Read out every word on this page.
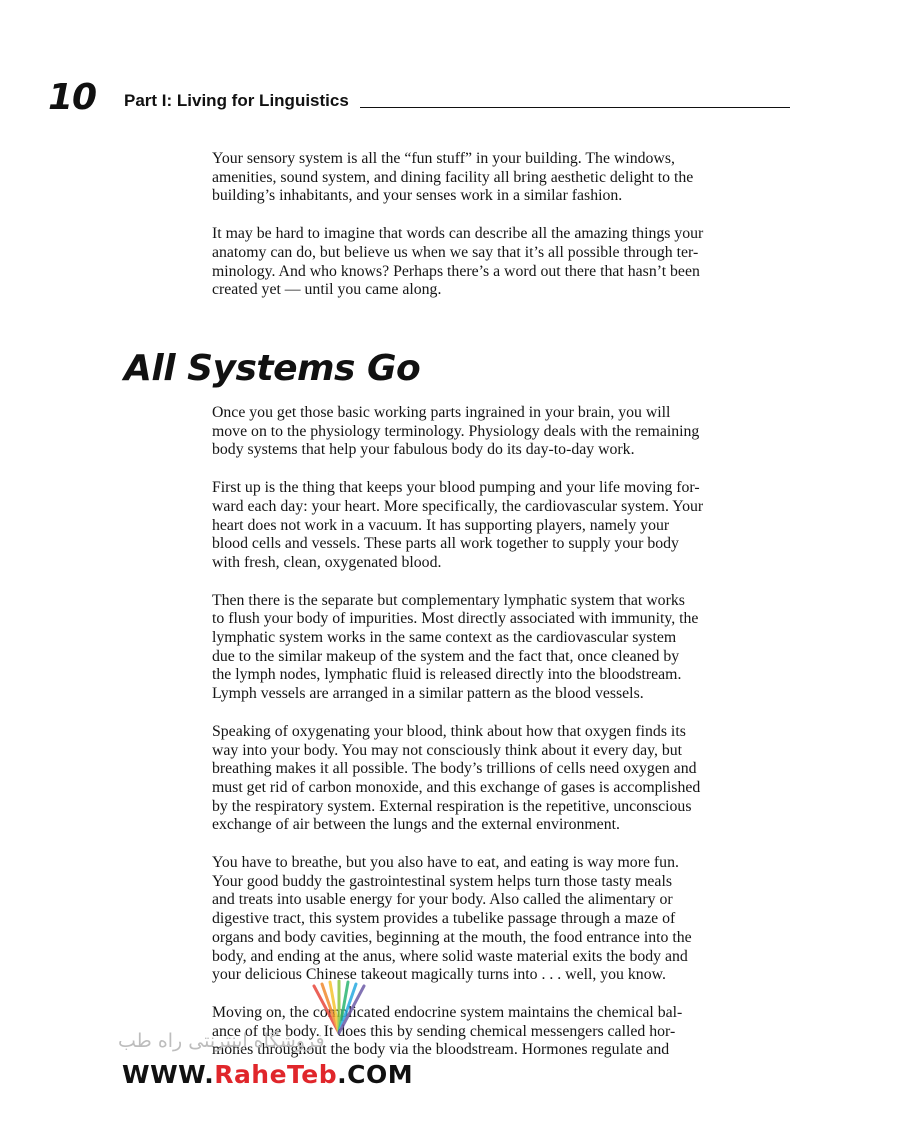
10 Part I: Living for Linguistics

Your sensory system is all the “fun stuff” in your building. The windows,
amenities, sound system, and dining facility all bring aesthetic delight to the
building’s inhabitants, and your senses work in a similar fashion.

It may be hard to imagine that words can describe all the amazing things your
anatomy can do, but believe us when we say that it’s all possible through ter-
minology. And who knows? Perhaps there’s a word out there that hasn’t been
created yet — until you came along.

All Systems Go

Once you get those basic working parts ingrained in your brain, you will
move on to the physiology terminology. Physiology deals with the remaining
body systems that help your fabulous body do its day-to-day work.

First up is the thing that keeps your blood pumping and your life moving for-
ward each day: your heart. More specifically, the cardiovascular system. Your
heart does not work in a vacuum. It has supporting players, namely your
blood cells and vessels. These parts all work together to supply your body
with fresh, clean, oxygenated blood.

Then there is the separate but complementary lymphatic system that works
to flush your body of impurities. Most directly associated with immunity, the
lymphatic system works in the same context as the cardiovascular system
due to the similar makeup of the system and the fact that, once cleaned by
the lymph nodes, lymphatic fluid is released directly into the bloodstream.
Lymph vessels are arranged in a similar pattern as the blood vessels.

Speaking of oxygenating your blood, think about how that oxygen finds its
way into your body. You may not consciously think about it every day, but
breathing makes it all possible. The body’s trillions of cells need oxygen and
must get rid of carbon monoxide, and this exchange of gases is accomplished
by the respiratory system. External respiration is the repetitive, unconscious
exchange of air between the lungs and the external environment.

You have to breathe, but you also have to eat, and eating is way more fun.
Your good buddy the gastrointestinal system helps turn those tasty meals
and treats into usable energy for your body. Also called the alimentary or
digestive tract, this system provides a tubelike passage through a maze of
organs and body cavities, beginning at the mouth, the food entrance into the
body, and ending at the anus, where solid waste material exits the body and
your delicious Chinese takeout magically turns into . . . well, you know.

Moving on, the complicated endocrine system maintains the chemical bal-
ance of the body. It does this by sending chemical messengers called hor-
mones throughout the body via the bloodstream. Hormones regulate and

فروشگاه اینترنتی راه طب
WWW.RaheTeb.COM
